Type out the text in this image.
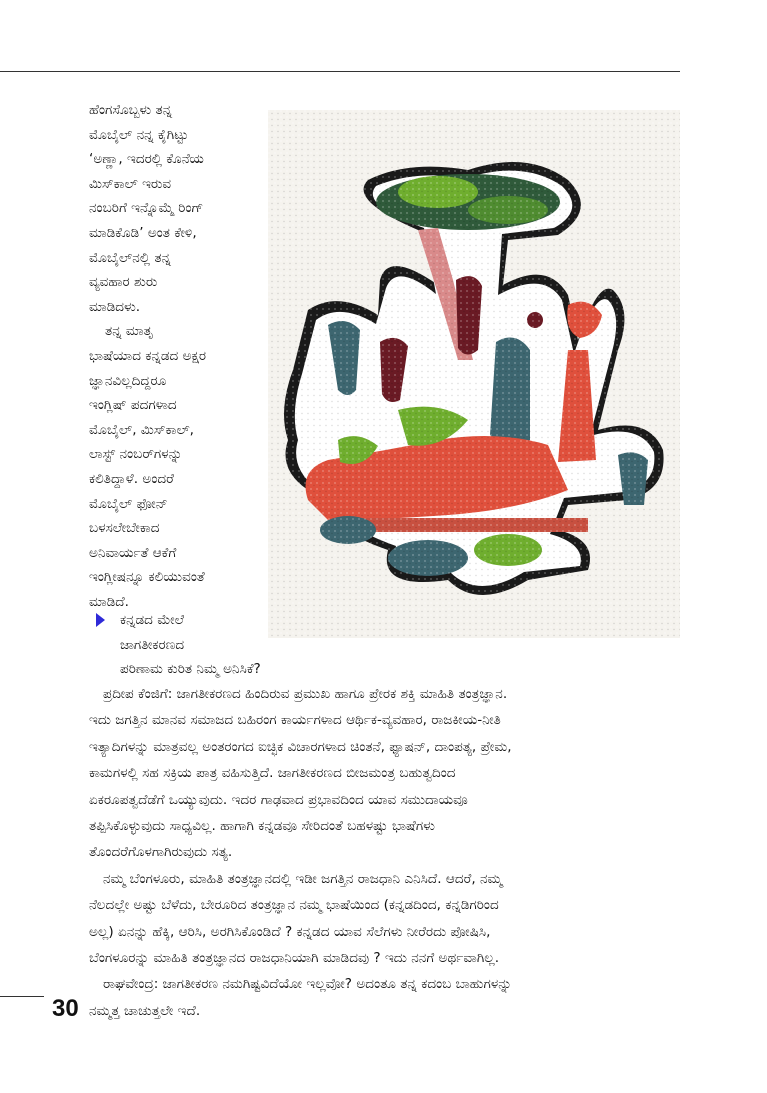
ಹೆಂಗಸೊಬ್ಬಳು ತನ್ನ
ಮೊಬೈಲ್ ನನ್ನ ಕೈಗಿಟ್ಟು
‘ಅಣ್ಣಾ, ಇದರಲ್ಲಿ ಕೊನೆಯ
ಮಿಸ್‌ಕಾಲ್ ಇರುವ
ನಂಬರಿಗೆ ಇನ್ನೊಮ್ಮೆ ರಿಂಗ್
ಮಾಡಿಕೊಡಿ’ ಅಂತ ಕೇಳಿ,
ಮೊಬೈಲ್‌ನಲ್ಲಿ ತನ್ನ
ವ್ಯವಹಾರ ಶುರು
ಮಾಡಿದಳು.
ತನ್ನ ಮಾತೃ
ಭಾಷೆಯಾದ ಕನ್ನಡದ ಅಕ್ಷರ
ಜ್ಞಾನವಿಲ್ಲದಿದ್ದರೂ
ಇಂಗ್ಲಿಷ್ ಪದಗಳಾದ
ಮೊಬೈಲ್, ಮಿಸ್‌ಕಾಲ್,
ಲಾಸ್ಟ್ ನಂಬರ್‌ಗಳನ್ನು
ಕಲಿತಿದ್ದಾಳೆ. ಅಂದರೆ
ಮೊಬೈಲ್ ಫೋನ್
ಬಳಸಲೇಬೇಕಾದ
ಅನಿವಾರ್ಯತೆ ಆಕೆಗೆ
ಇಂಗ್ಲೀಷನ್ನೂ ಕಲಿಯುವಂತೆ
ಮಾಡಿದೆ.
ಕನ್ನಡದ ಮೇಲೆ
ಜಾಗತೀಕರಣದ
ಪರಿಣಾಮ ಕುರಿತ ನಿಮ್ಮ ಅನಿಸಿಕೆ?
ಪ್ರದೀಪ ಕೆಂಜಿಗೆ: ಜಾಗತೀಕರಣದ ಹಿಂದಿರುವ ಪ್ರಮುಖ ಹಾಗೂ ಪ್ರೇರಕ ಶಕ್ತಿ ಮಾಹಿತಿ ತಂತ್ರಜ್ಞಾನ.
ಇದು ಜಗತ್ತಿನ ಮಾನವ ಸಮಾಜದ ಬಹಿರಂಗ ಕಾರ್ಯಗಳಾದ ಆರ್ಥಿಕ-ವ್ಯವಹಾರ, ರಾಜಕೀಯ-ನೀತಿ
ಇತ್ಯಾದಿಗಳನ್ನು ಮಾತ್ರವಲ್ಲ ಅಂತರಂಗದ ಐಚ್ಛಿಕ ವಿಚಾರಗಳಾದ ಚಿಂತನೆ, ಫ್ಯಾಷನ್, ದಾಂಪತ್ಯ, ಪ್ರೇಮ,
ಕಾಮಗಳಲ್ಲಿ ಸಹ ಸಕ್ರಿಯ ಪಾತ್ರ ವಹಿಸುತ್ತಿದೆ. ಜಾಗತೀಕರಣದ ಬೀಜಮಂತ್ರ ಬಹುತ್ವದಿಂದ
ಏಕರೂಪತ್ವದೆಡೆಗೆ ಒಯ್ಯುವುದು. ಇದರ ಗಾಢವಾದ ಪ್ರಭಾವದಿಂದ ಯಾವ ಸಮುದಾಯವೂ
ತಪ್ಪಿಸಿಕೊಳ್ಳುವುದು ಸಾಧ್ಯವಿಲ್ಲ. ಹಾಗಾಗಿ ಕನ್ನಡವೂ ಸೇರಿದಂತೆ ಬಹಳಷ್ಟು ಭಾಷೆಗಳು
ತೊಂದರೆಗೊಳಗಾಗಿರುವುದು ಸತ್ಯ.
ನಮ್ಮ ಬೆಂಗಳೂರು, ಮಾಹಿತಿ ತಂತ್ರಜ್ಞಾನದಲ್ಲಿ ಇಡೀ ಜಗತ್ತಿನ ರಾಜಧಾನಿ ಎನಿಸಿದೆ. ಆದರೆ, ನಮ್ಮ
ನೆಲದಲ್ಲೇ ಅಷ್ಟು ಬೆಳೆದು, ಬೇರೂರಿದ ತಂತ್ರಜ್ಞಾನ ನಮ್ಮ ಭಾಷೆಯಿಂದ (ಕನ್ನಡದಿಂದ, ಕನ್ನಡಿಗರಿಂದ
ಅಲ್ಲ) ಏನನ್ನು ಹೆಕ್ಕಿ, ಆರಿಸಿ, ಅರಗಿಸಿಕೊಂಡಿದೆ ? ಕನ್ನಡದ ಯಾವ ಸೆಲೆಗಳು ನೀರೆರದು ಪೋಷಿಸಿ,
ಬೆಂಗಳೂರನ್ನು ಮಾಹಿತಿ ತಂತ್ರಜ್ಞಾನದ ರಾಜಧಾನಿಯಾಗಿ ಮಾಡಿದವು ? ಇದು ನನಗೆ ಅರ್ಥವಾಗಿಲ್ಲ.
ರಾಘವೇಂದ್ರ: ಜಾಗತೀಕರಣ ನಮಗಿಷ್ಟವಿದೆಯೋ ಇಲ್ಲವೋ? ಅದಂತೂ ತನ್ನ ಕದಂಬ ಬಾಹುಗಳನ್ನು
ನಮ್ಮತ್ತ ಚಾಚುತ್ತಲೇ ಇದೆ.
30
